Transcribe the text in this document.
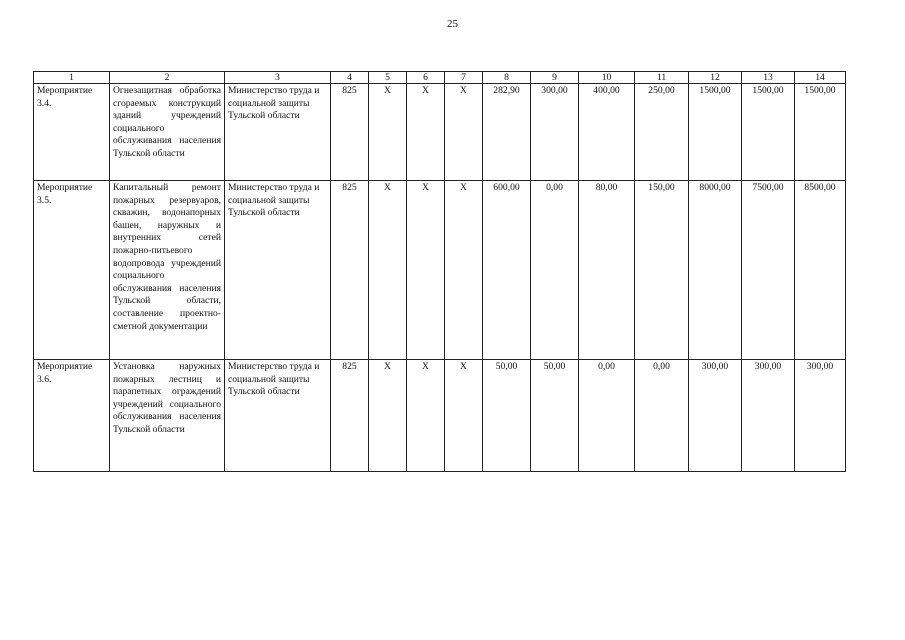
25
1	2	3	4	5	6	7	8	9	10	11	12	13	14
Мероприятие 3.4.	Огнезащитная обработка сгораемых конструкций зданий учреждений социального обслуживания населения Тульской области	Министерство труда и социальной защиты Тульской области	825	X	X	X	282,90	300,00	400,00	250,00	1500,00	1500,00	1500,00
Мероприятие 3.5.	Капитальный ремонт пожарных резервуаров, скважин, водонапорных башен, наружных и внутренних сетей пожарно-питьевого водопровода учреждений социального обслуживания населения Тульской области, составление проектно-сметной документации	Министерство труда и социальной защиты Тульской области	825	X	X	X	600,00	0,00	80,00	150,00	8000,00	7500,00	8500,00
Мероприятие 3.6.	Установка наружных пожарных лестниц и парапетных ограждений учреждений социального обслуживания населения Тульской области	Министерство труда и социальной защиты Тульской области	825	X	X	X	50,00	50,00	0,00	0,00	300,00	300,00	300,00
